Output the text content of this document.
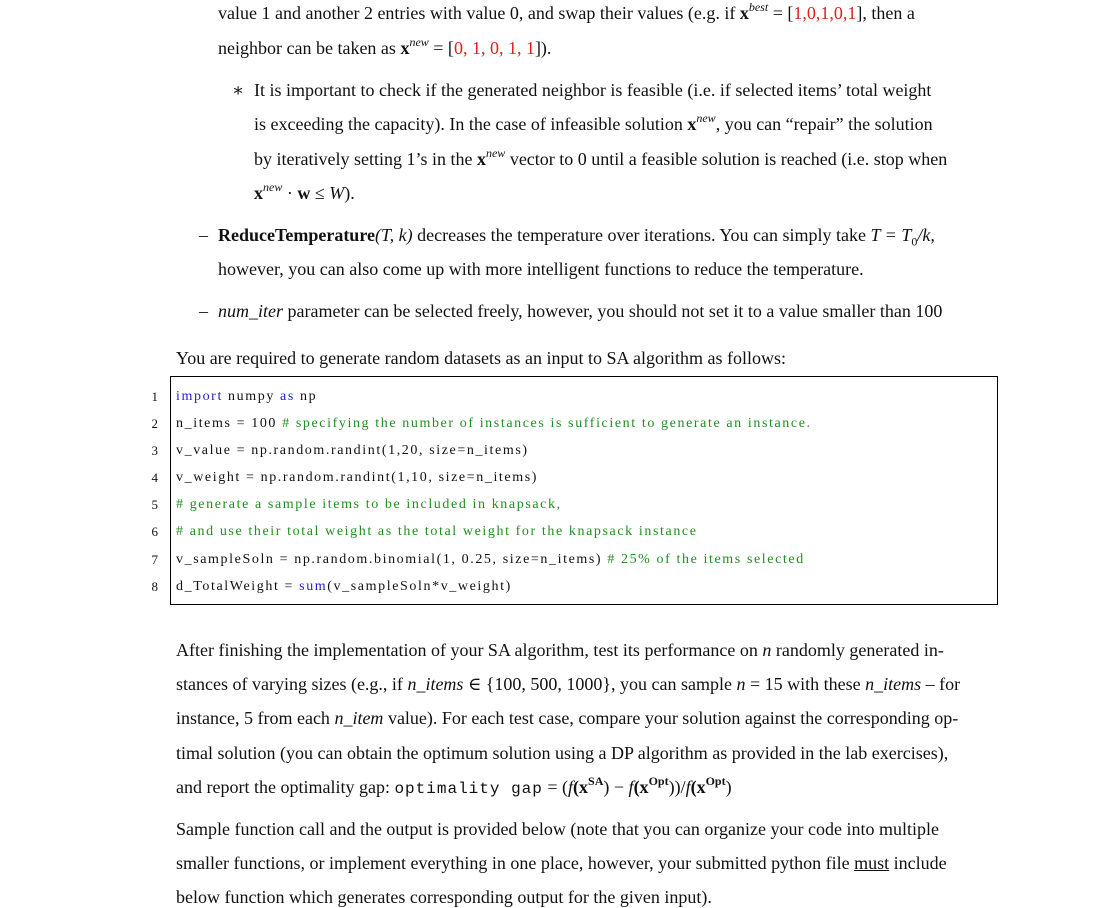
value 1 and another 2 entries with value 0, and swap their values (e.g. if $x^{best} = [1,0,1,0,1]$, then a
neighbor can be taken as $x^{new} = [0$, 1, 0, 1, 1]).
∗ It is important to check if the generated neighbor is feasible (i.e. if selected items’ total weight
is exceeding the capacity). In the case of infeasible solution $x^{new}$, you can “repair” the solution
by iteratively setting 1’s in the $x^{new}$ vector to 0 until a feasible solution is reached (i.e. stop when
$x^{new} \cdot w \le W$).
– ReduceTemperature(T, k) decreases the temperature over iterations. You can simply take $T = T_0/k$,
however, you can also come up with more intelligent functions to reduce the temperature.
– num_iter parameter can be selected freely, however, you should not set it to a value smaller than 100
You are required to generate random datasets as an input to SA algorithm as follows:
1
2
3
4
5
6
7
8
import numpy as np
n_items = 100 # specifying the number of instances is sufficient to generate an instance.
v_value = np.random.randint(1,20, size=n_items)
v_weight = np.random.randint(1,10, size=n_items)
# generate a sample items to be included in knapsack,
# and use their total weight as the total weight for the knapsack instance
v_sampleSoln = np.random.binomial(1, 0.25, size=n_items) # 25% of the items selected
d_TotalWeight = sum(v_sampleSoln*v_weight)
After finishing the implementation of your SA algorithm, test its performance on n randomly generated in-
stances of varying sizes (e.g., if n_items ∈ {100, 500, 1000}, you can sample n = 15 with these n_items – for
instance, 5 from each n_item value). For each test case, compare your solution against the corresponding op-
timal solution (you can obtain the optimum solution using a DP algorithm as provided in the lab exercises),
and report the optimality gap: optimality gap = $(f(x^{SA}) - f(x^{Opt}))/f(x^{Opt})$
Sample function call and the output is provided below (note that you can organize your code into multiple
smaller functions, or implement everything in one place, however, your submitted python file must include
below function which generates corresponding output for the given input).
